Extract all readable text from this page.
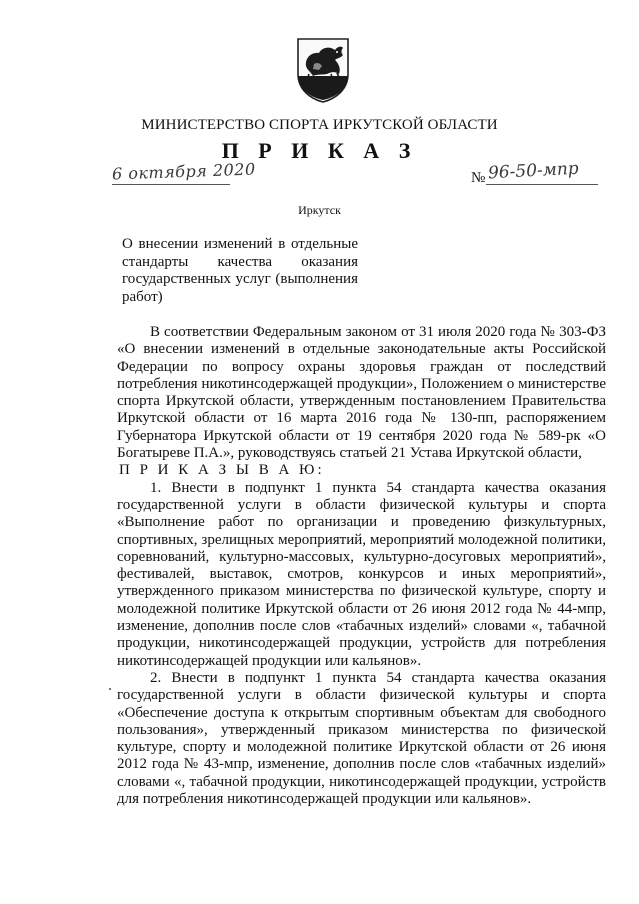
МИНИСТЕРСТВО СПОРТА ИРКУТСКОЙ ОБЛАСТИ
П Р И К А З
6 октября 2020	№ 96-50-мпр
Иркутск
О внесении изменений в отдельные стандарты качества оказания государственных услуг (выполнения работ)

В соответствии Федеральным законом от 31 июля 2020 года № 303-ФЗ «О внесении изменений в отдельные законодательные акты Российской Федерации по вопросу охраны здоровья граждан от последствий потребления никотинсодержащей продукции», Положением о министерстве спорта Иркутской области, утвержденным постановлением Правительства Иркутской области от 16 марта 2016 года № 130-пп, распоряжением Губернатора Иркутской области от 19 сентября 2020 года № 589-рк «О Богатыреве П.А.», руководствуясь статьей 21 Устава Иркутской области,

П Р И К А З Ы В А Ю:

1. Внести в подпункт 1 пункта 54 стандарта качества оказания государственной услуги в области физической культуры и спорта «Выполнение работ по организации и проведению физкультурных, спортивных, зрелищных мероприятий, мероприятий молодежной политики, соревнований, культурно-массовых, культурно-досуговых мероприятий», фестивалей, выставок, смотров, конкурсов и иных мероприятий», утвержденного приказом министерства по физической культуре, спорту и молодежной политике Иркутской области от 26 июня 2012 года № 44-мпр, изменение, дополнив после слов «табачных изделий» словами «, табачной продукции, никотинсодержащей продукции, устройств для потребления никотинсодержащей продукции или кальянов».

2. Внести в подпункт 1 пункта 54 стандарта качества оказания государственной услуги в области физической культуры и спорта «Обеспечение доступа к открытым спортивным объектам для свободного пользования», утвержденный приказом министерства по физической культуре, спорту и молодежной политике Иркутской области от 26 июня 2012 года № 43-мпр, изменение, дополнив после слов «табачных изделий» словами «, табачной продукции, никотинсодержащей продукции, устройств для потребления никотинсодержащей продукции или кальянов».
